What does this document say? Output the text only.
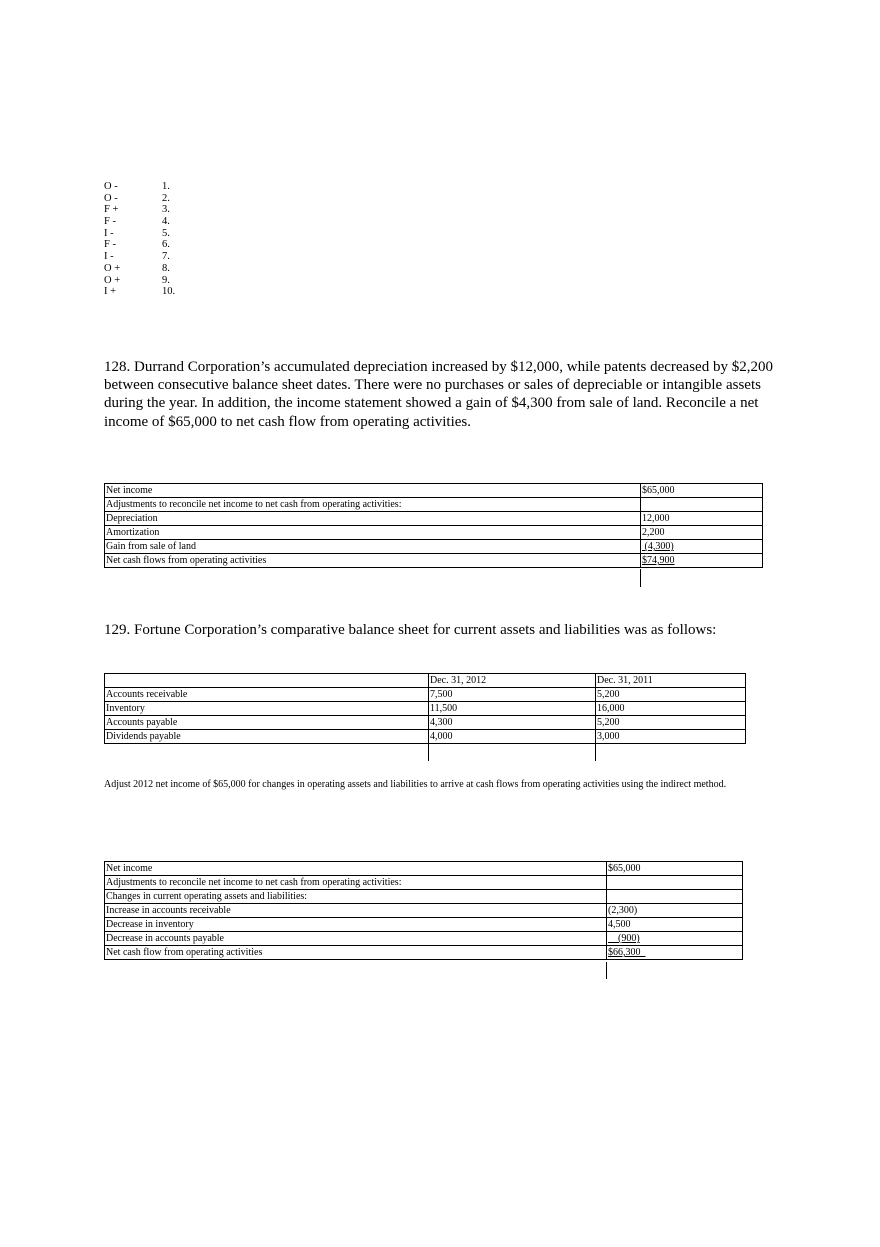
O -	1.
O -	2.
F +	3.
F -	4.
I -	5.
F -	6.
I -	7.
O +	8.
O +	9.
I +	10.

128. Durrand Corporation’s accumulated depreciation increased by $12,000, while patents decreased by $2,200 between consecutive balance sheet dates. There were no purchases or sales of depreciable or intangible assets during the year. In addition, the income statement showed a gain of $4,300 from sale of land. Reconcile a net income of $65,000 to net cash flow from operating activities.

Net income	$65,000
Adjustments to reconcile net income to net cash from operating activities:	
Depreciation	12,000
Amortization	2,200
Gain from sale of land	(4,300)
Net cash flows from operating activities	$74,900

129. Fortune Corporation’s comparative balance sheet for current assets and liabilities was as follows:

	Dec. 31, 2012	Dec. 31, 2011
Accounts receivable	7,500	5,200
Inventory	11,500	16,000
Accounts payable	4,300	5,200
Dividends payable	4,000	3,000

Adjust 2012 net income of $65,000 for changes in operating assets and liabilities to arrive at cash flows from operating activities using the indirect method.

Net income	$65,000
Adjustments to reconcile net income to net cash from operating activities:	
Changes in current operating assets and liabilities:	
Increase in accounts receivable	(2,300)
Decrease in inventory	4,500
Decrease in accounts payable	(900)
Net cash flow from operating activities	$66,300
